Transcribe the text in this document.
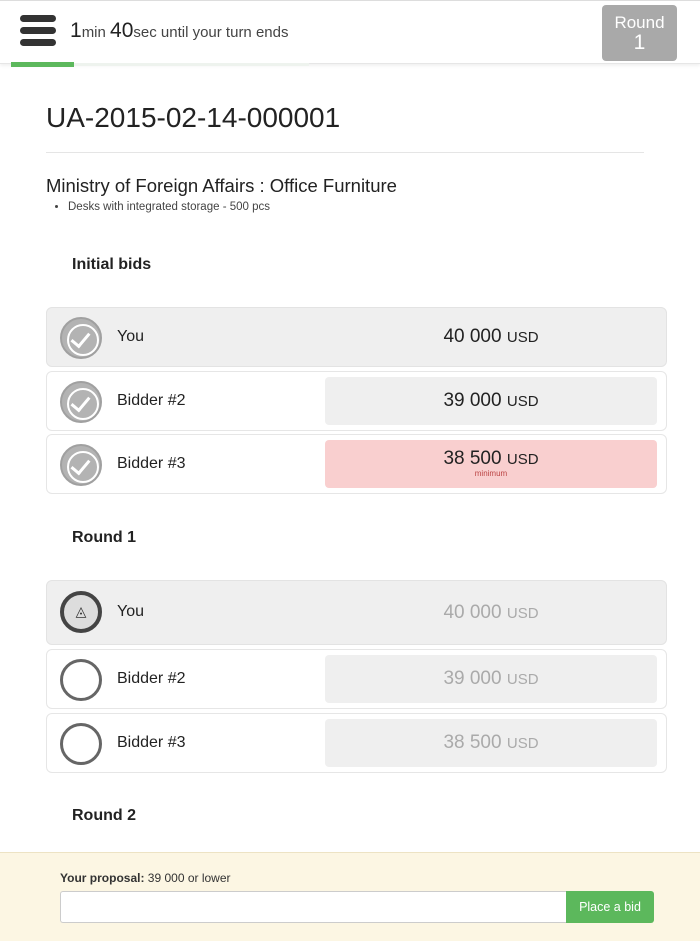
1min 40sec until your turn ends
Round
1
UA-2015-02-14-000001
Ministry of Foreign Affairs : Office Furniture
• Desks with integrated storage - 500 pcs
Initial bids
You	40 000 USD
Bidder #2	39 000 USD
Bidder #3	38 500 USD
minimum
Round 1
◬
You	40 000 USD
Bidder #2	39 000 USD
Bidder #3	38 500 USD
Round 2
Your proposal: 39 000 or lower
Place a bid
